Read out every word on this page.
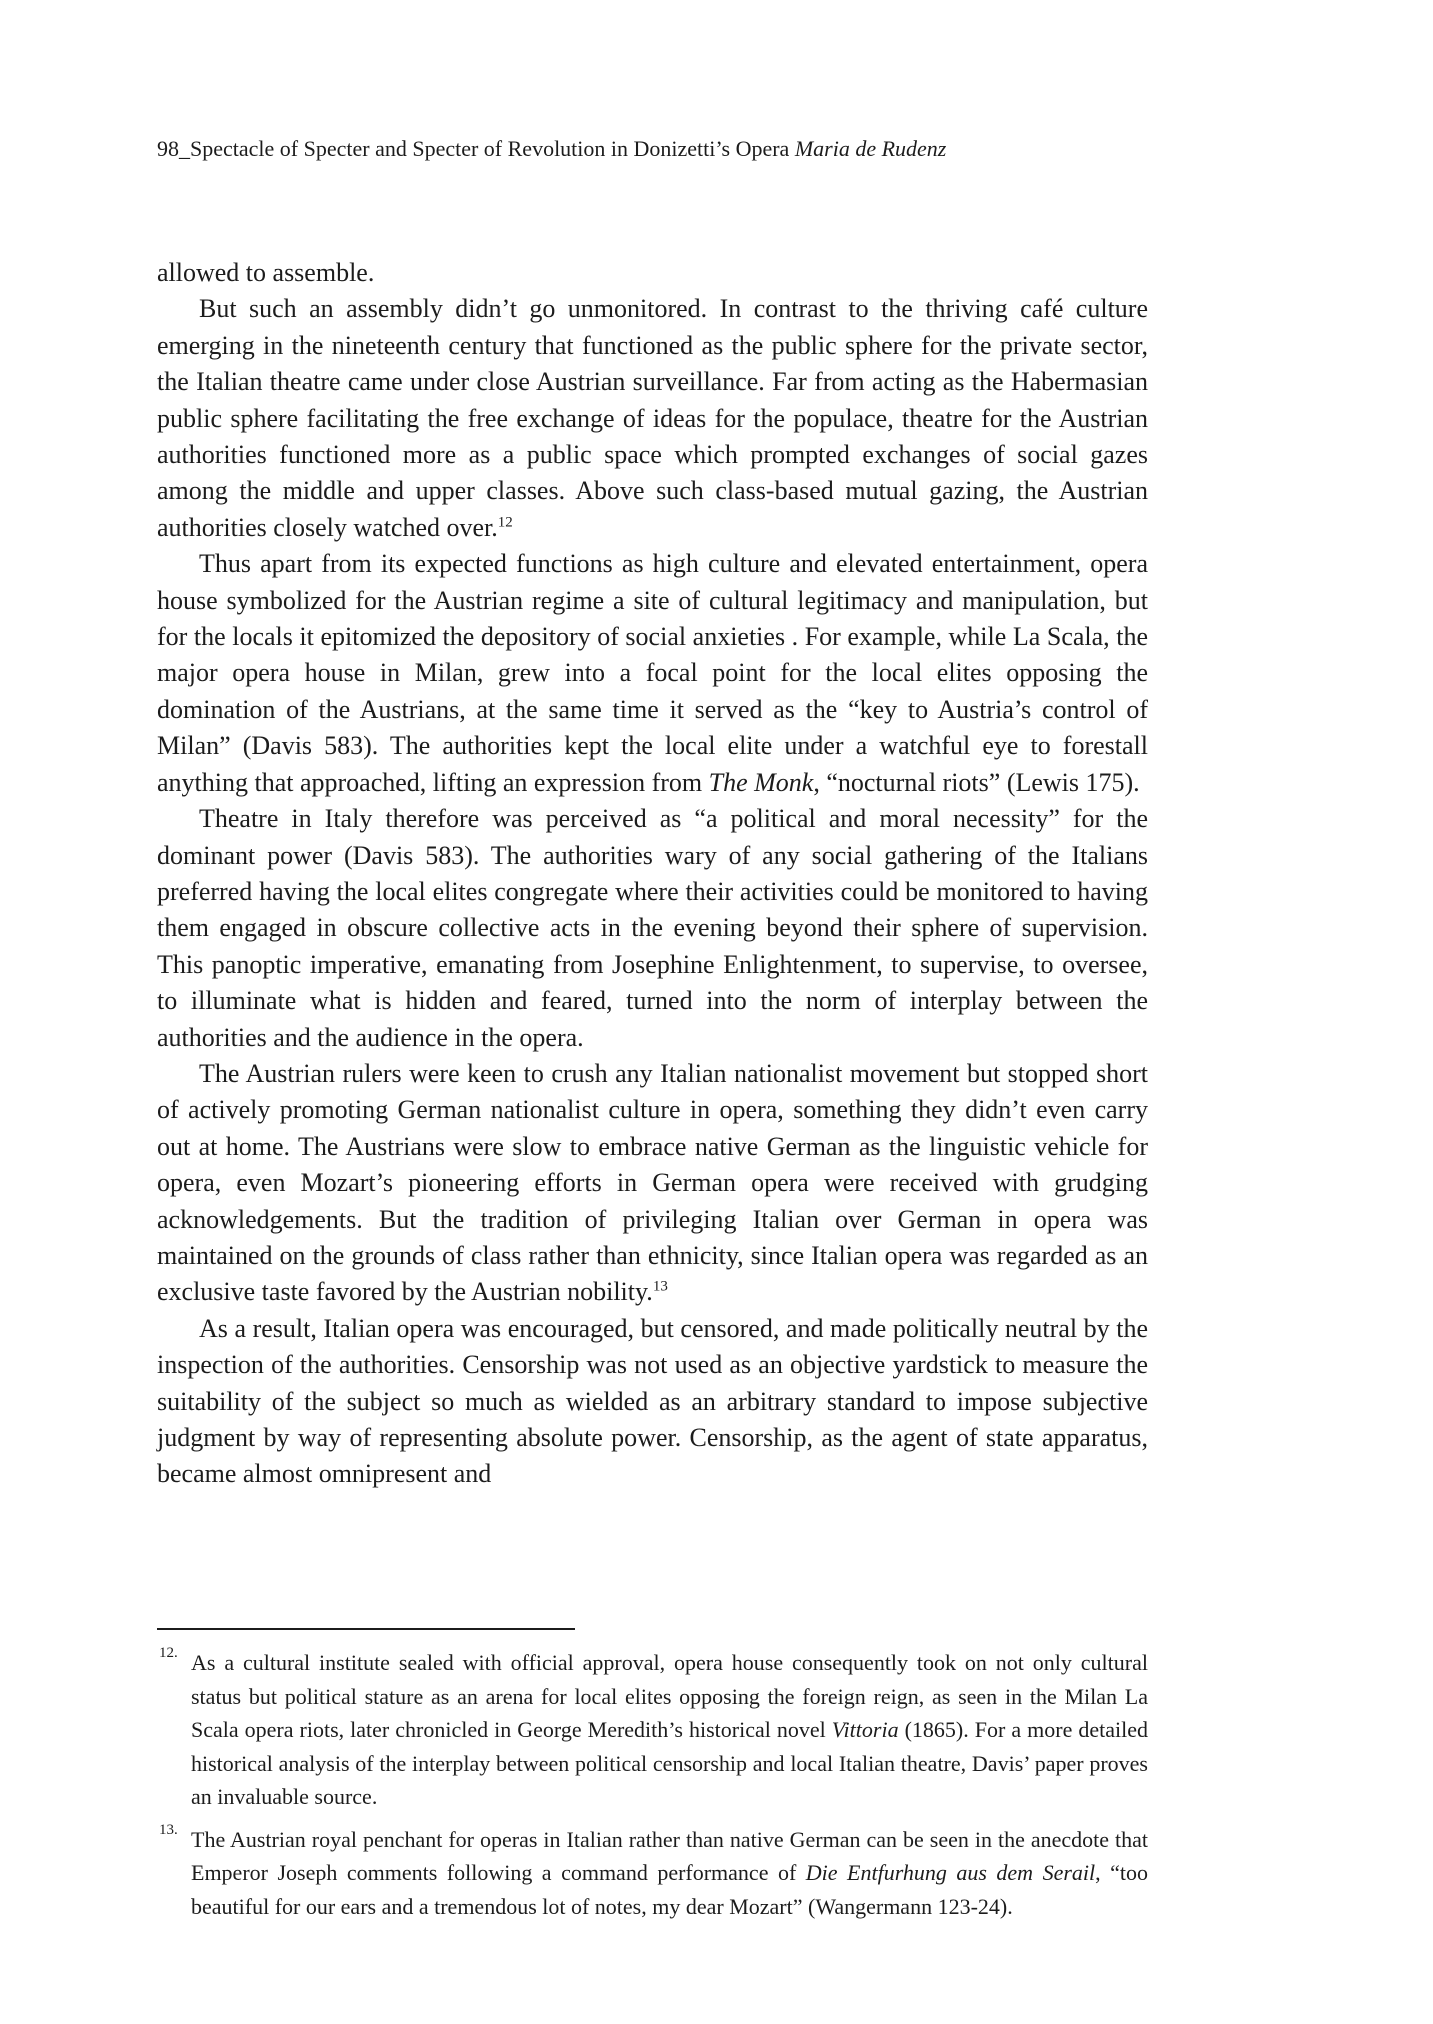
98_Spectacle of Specter and Specter of Revolution in Donizetti’s Opera Maria de Rudenz

allowed to assemble.

But such an assembly didn’t go unmonitored. In contrast to the thriving café culture emerging in the nineteenth century that functioned as the public sphere for the private sector, the Italian theatre came under close Austrian surveillance. Far from acting as the Habermasian public sphere facilitating the free exchange of ideas for the populace, theatre for the Austrian authorities functioned more as a public space which prompted exchanges of social gazes among the middle and upper classes. Above such class-based mutual gazing, the Austrian authorities closely watched over.$^{12}$

Thus apart from its expected functions as high culture and elevated entertainment, opera house symbolized for the Austrian regime a site of cultural legitimacy and manipulation, but for the locals it epitomized the depository of social anxieties . For example, while La Scala, the major opera house in Milan, grew into a focal point for the local elites opposing the domination of the Austrians, at the same time it served as the “key to Austria’s control of Milan” (Davis 583). The authorities kept the local elite under a watchful eye to forestall anything that approached, lifting an expression from The Monk, “nocturnal riots” (Lewis 175).

Theatre in Italy therefore was perceived as “a political and moral necessity” for the dominant power (Davis 583). The authorities wary of any social gathering of the Italians preferred having the local elites congregate where their activities could be monitored to having them engaged in obscure collective acts in the evening beyond their sphere of supervision. This panoptic imperative, emanating from Josephine Enlightenment, to supervise, to oversee, to illuminate what is hidden and feared, turned into the norm of interplay between the authorities and the audience in the opera.

The Austrian rulers were keen to crush any Italian nationalist movement but stopped short of actively promoting German nationalist culture in opera, something they didn’t even carry out at home. The Austrians were slow to embrace native German as the linguistic vehicle for opera, even Mozart’s pioneering efforts in German opera were received with grudging acknowledgements. But the tradition of privileging Italian over German in opera was maintained on the grounds of class rather than ethnicity, since Italian opera was regarded as an exclusive taste favored by the Austrian nobility.$^{13}$

As a result, Italian opera was encouraged, but censored, and made politically neutral by the inspection of the authorities. Censorship was not used as an objective yardstick to measure the suitability of the subject so much as wielded as an arbitrary standard to impose subjective judgment by way of representing absolute power. Censorship, as the agent of state apparatus, became almost omnipresent and

12. As a cultural institute sealed with official approval, opera house consequently took on not only cultural status but political stature as an arena for local elites opposing the foreign reign, as seen in the Milan La Scala opera riots, later chronicled in George Meredith’s historical novel Vittoria (1865). For a more detailed historical analysis of the interplay between political censorship and local Italian theatre, Davis’ paper proves an invaluable source.

13. The Austrian royal penchant for operas in Italian rather than native German can be seen in the anecdote that Emperor Joseph comments following a command performance of Die Entfurhung aus dem Serail, “too beautiful for our ears and a tremendous lot of notes, my dear Mozart” (Wangermann 123-24).
